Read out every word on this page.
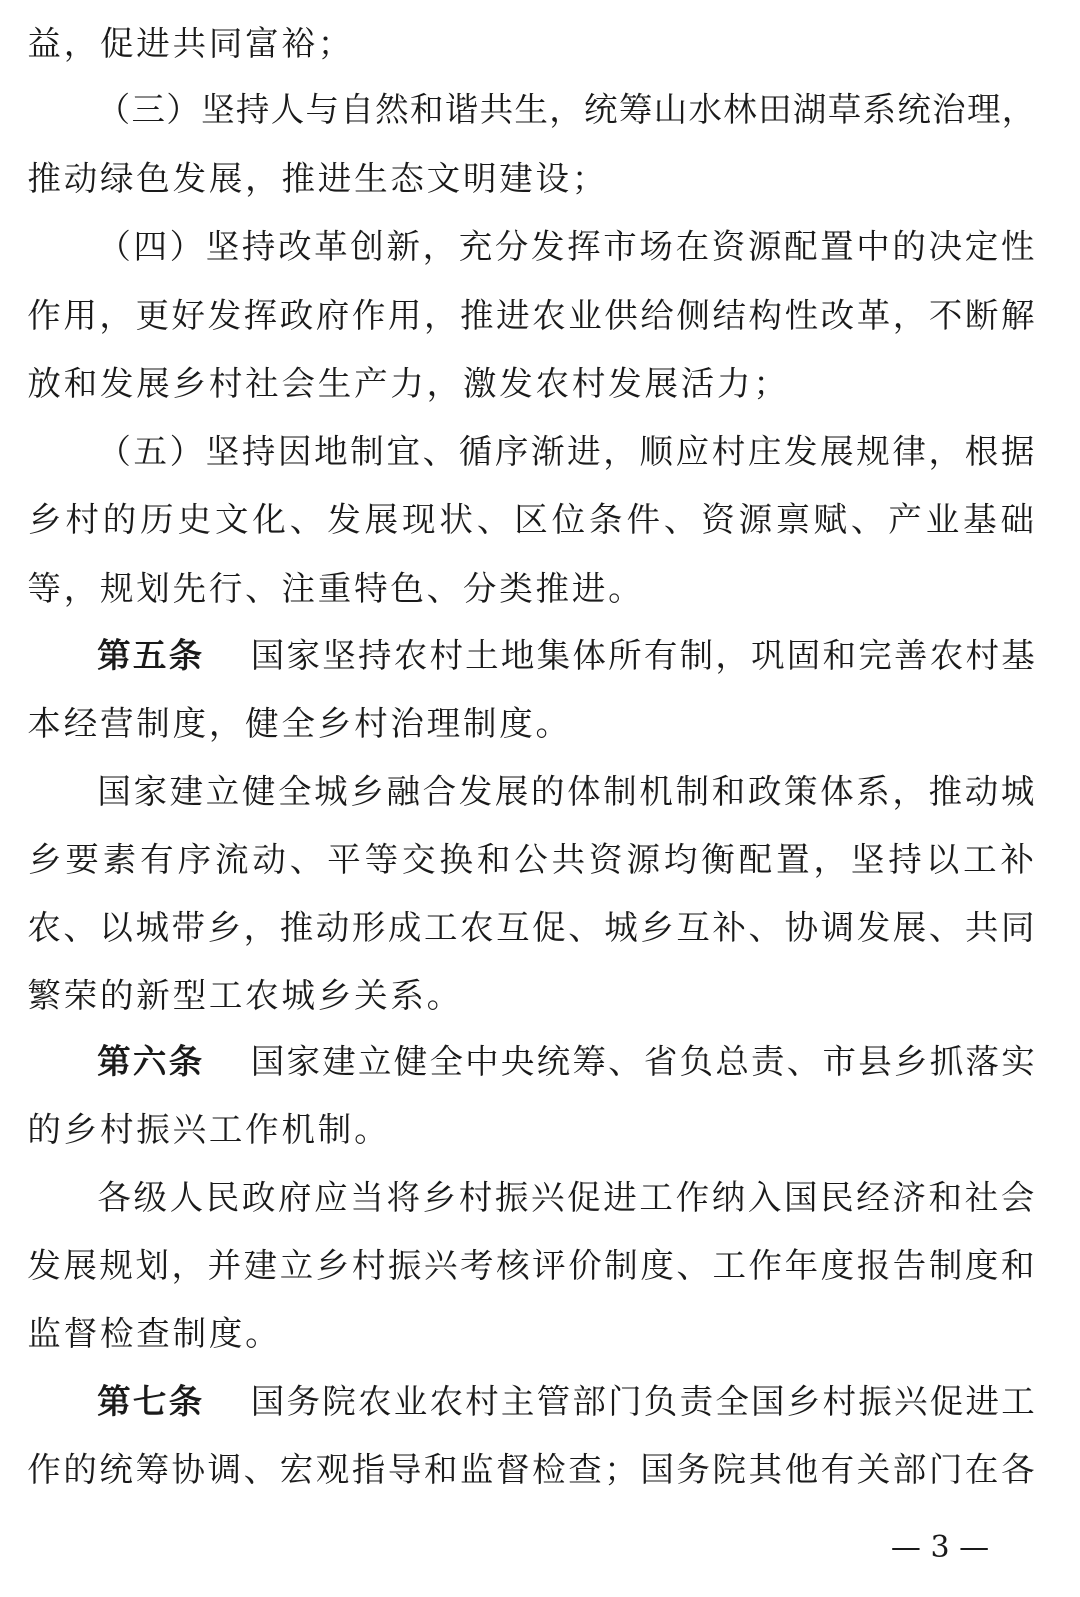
益，促进共同富裕；
（三）坚持人与自然和谐共生，统筹山水林田湖草系统治理，
推动绿色发展，推进生态文明建设；
（四）坚持改革创新，充分发挥市场在资源配置中的决定性
作用，更好发挥政府作用，推进农业供给侧结构性改革，不断解
放和发展乡村社会生产力，激发农村发展活力；
（五）坚持因地制宜、循序渐进，顺应村庄发展规律，根据
乡 村 的 历 史 文 化 、 发 展 现 状 、 区 位 条 件 、 资 源 禀 赋 、 产 业 基 础
等，规划先行、注重特色、分类推进。
第五条 国家坚持农村土地集体所有制，巩固和完善农村基
本经营制度，健全乡村治理制度。
国家建立健全城乡融合发展的体制机制和政策体系，推动城
乡 要 素 有 序 流 动 、 平 等 交 换 和 公 共 资 源 均 衡 配 置 ， 坚 持 以 工 补
农、以城带乡，推动形成工农互促、城乡互补、协调发展、共同
繁荣的新型工农城乡关系。
第六条 国家建立健全中央统筹、省负总责、市县乡抓落实
的乡村振兴工作机制。
各级人民政府应当将乡村振兴促进工作纳入国民经济和社会
发展规划，并建立乡村振兴考核评价制度、工作年度报告制度和
监督检查制度。
第七条 国务院农业农村主管部门负责全国乡村振兴促进工
作的统筹协调、宏观指导和监督检查；国务院其他有关部门在各
— 3 —
